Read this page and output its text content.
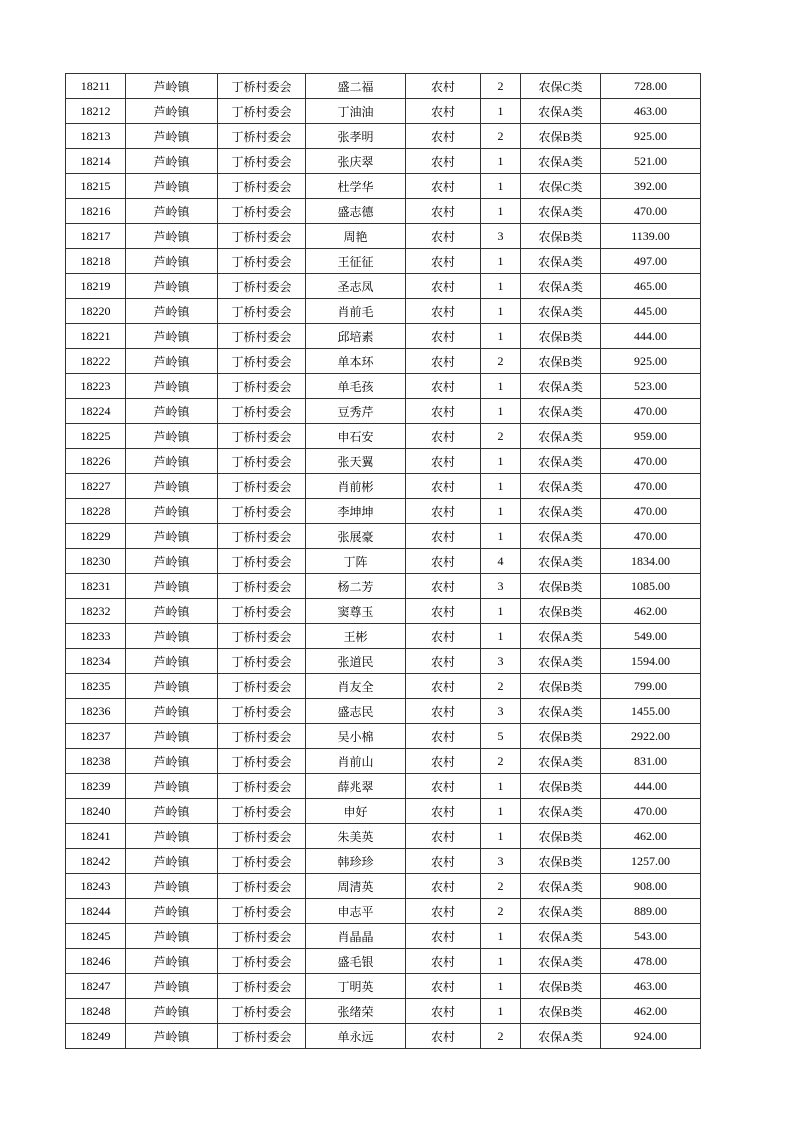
18211	芦岭镇	丁桥村委会	盛二福	农村	2	农保C类	728.00
18212	芦岭镇	丁桥村委会	丁油油	农村	1	农保A类	463.00
18213	芦岭镇	丁桥村委会	张孝明	农村	2	农保B类	925.00
18214	芦岭镇	丁桥村委会	张庆翠	农村	1	农保A类	521.00
18215	芦岭镇	丁桥村委会	杜学华	农村	1	农保C类	392.00
18216	芦岭镇	丁桥村委会	盛志德	农村	1	农保A类	470.00
18217	芦岭镇	丁桥村委会	周艳	农村	3	农保B类	1139.00
18218	芦岭镇	丁桥村委会	王征征	农村	1	农保A类	497.00
18219	芦岭镇	丁桥村委会	圣志凤	农村	1	农保A类	465.00
18220	芦岭镇	丁桥村委会	肖前毛	农村	1	农保A类	445.00
18221	芦岭镇	丁桥村委会	邱培素	农村	1	农保B类	444.00
18222	芦岭镇	丁桥村委会	单本环	农村	2	农保B类	925.00
18223	芦岭镇	丁桥村委会	单毛孩	农村	1	农保A类	523.00
18224	芦岭镇	丁桥村委会	豆秀芹	农村	1	农保A类	470.00
18225	芦岭镇	丁桥村委会	申石安	农村	2	农保A类	959.00
18226	芦岭镇	丁桥村委会	张天翼	农村	1	农保A类	470.00
18227	芦岭镇	丁桥村委会	肖前彬	农村	1	农保A类	470.00
18228	芦岭镇	丁桥村委会	李坤坤	农村	1	农保A类	470.00
18229	芦岭镇	丁桥村委会	张展豪	农村	1	农保A类	470.00
18230	芦岭镇	丁桥村委会	丁阵	农村	4	农保A类	1834.00
18231	芦岭镇	丁桥村委会	杨二芳	农村	3	农保B类	1085.00
18232	芦岭镇	丁桥村委会	窦尊玉	农村	1	农保B类	462.00
18233	芦岭镇	丁桥村委会	王彬	农村	1	农保A类	549.00
18234	芦岭镇	丁桥村委会	张道民	农村	3	农保A类	1594.00
18235	芦岭镇	丁桥村委会	肖友全	农村	2	农保B类	799.00
18236	芦岭镇	丁桥村委会	盛志民	农村	3	农保A类	1455.00
18237	芦岭镇	丁桥村委会	吴小棉	农村	5	农保B类	2922.00
18238	芦岭镇	丁桥村委会	肖前山	农村	2	农保A类	831.00
18239	芦岭镇	丁桥村委会	薛兆翠	农村	1	农保B类	444.00
18240	芦岭镇	丁桥村委会	申好	农村	1	农保A类	470.00
18241	芦岭镇	丁桥村委会	朱美英	农村	1	农保B类	462.00
18242	芦岭镇	丁桥村委会	韩珍珍	农村	3	农保B类	1257.00
18243	芦岭镇	丁桥村委会	周清英	农村	2	农保A类	908.00
18244	芦岭镇	丁桥村委会	申志平	农村	2	农保A类	889.00
18245	芦岭镇	丁桥村委会	肖晶晶	农村	1	农保A类	543.00
18246	芦岭镇	丁桥村委会	盛毛银	农村	1	农保A类	478.00
18247	芦岭镇	丁桥村委会	丁明英	农村	1	农保B类	463.00
18248	芦岭镇	丁桥村委会	张绪荣	农村	1	农保B类	462.00
18249	芦岭镇	丁桥村委会	单永远	农村	2	农保A类	924.00
